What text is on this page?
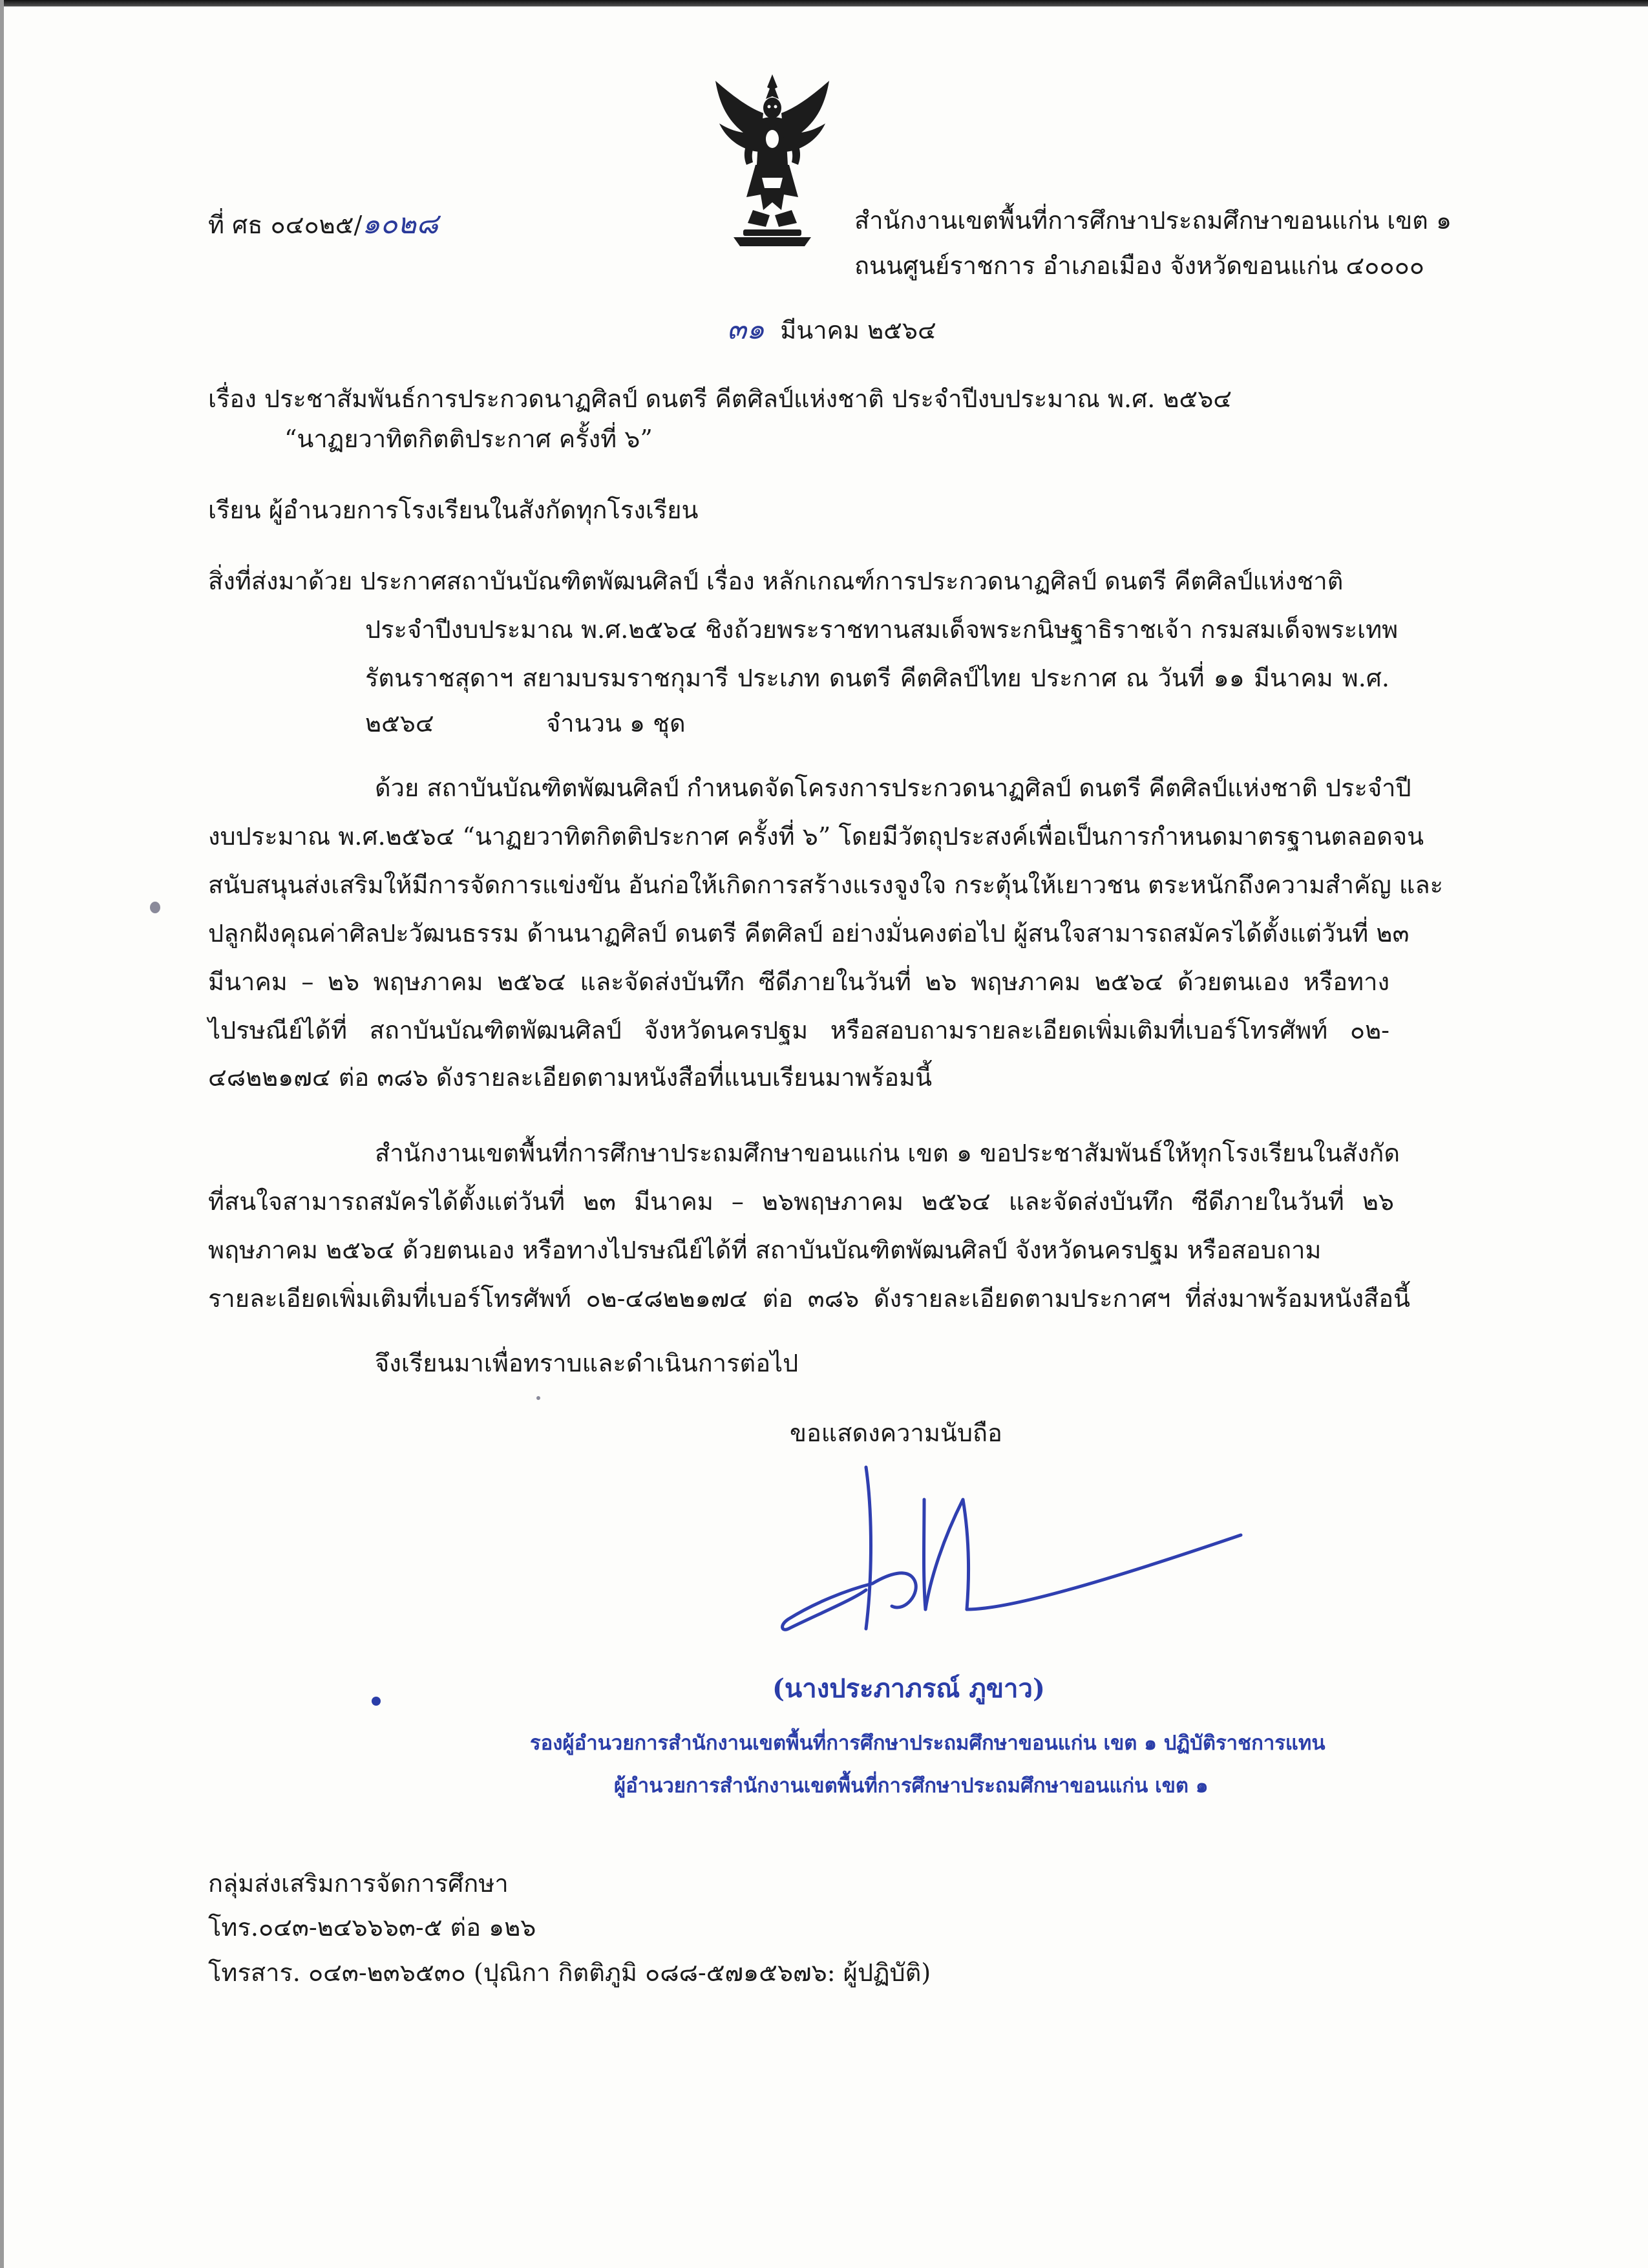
ที่ ศธ ๐๔๐๒๕/๑๐๒๘	สำนักงานเขตพื้นที่การศึกษาประถมศึกษาขอนแก่น เขต ๑
ถนนศูนย์ราชการ อำเภอเมือง จังหวัดขอนแก่น ๔๐๐๐๐
๓๑ มีนาคม ๒๕๖๔
เรื่อง ประชาสัมพันธ์การประกวดนาฏศิลป์ ดนตรี คีตศิลป์แห่งชาติ ประจำปีงบประมาณ พ.ศ. ๒๕๖๔
“นาฏยวาทิตกิตติประกาศ ครั้งที่ ๖”
เรียน ผู้อำนวยการโรงเรียนในสังกัดทุกโรงเรียน
สิ่งที่ส่งมาด้วย ประกาศสถาบันบัณฑิตพัฒนศิลป์ เรื่อง หลักเกณฑ์การประกวดนาฏศิลป์ ดนตรี คีตศิลป์แห่งชาติ
ประจำปีงบประมาณ พ.ศ.๒๕๖๔ ชิงถ้วยพระราชทานสมเด็จพระกนิษฐาธิราชเจ้า กรมสมเด็จพระเทพ
รัตนราชสุดาฯ สยามบรมราชกุมารี ประเภท ดนตรี คีตศิลป์ไทย ประกาศ ณ วันที่ ๑๑ มีนาคม พ.ศ.
๒๕๖๔	จำนวน ๑ ชุด
ด้วย สถาบันบัณฑิตพัฒนศิลป์ กำหนดจัดโครงการประกวดนาฏศิลป์ ดนตรี คีตศิลป์แห่งชาติ ประจำปี
งบประมาณ พ.ศ.๒๕๖๔ “นาฏยวาทิตกิตติประกาศ ครั้งที่ ๖” โดยมีวัตถุประสงค์เพื่อเป็นการกำหนดมาตรฐานตลอดจน
สนับสนุนส่งเสริมให้มีการจัดการแข่งขัน อันก่อให้เกิดการสร้างแรงจูงใจ กระตุ้นให้เยาวชน ตระหนักถึงความสำคัญ และ
ปลูกฝังคุณค่าศิลปะวัฒนธรรม ด้านนาฏศิลป์ ดนตรี คีตศิลป์ อย่างมั่นคงต่อไป ผู้สนใจสามารถสมัครได้ตั้งแต่วันที่ ๒๓
มีนาคม – ๒๖ พฤษภาคม ๒๕๖๔ และจัดส่งบันทึก ซีดีภายในวันที่ ๒๖ พฤษภาคม ๒๕๖๔ ด้วยตนเอง หรือทาง
ไปรษณีย์ได้ที่ สถาบันบัณฑิตพัฒนศิลป์ จังหวัดนครปฐม หรือสอบถามรายละเอียดเพิ่มเติมที่เบอร์โทรศัพท์ ๐๒-
๔๘๒๒๑๗๔ ต่อ ๓๘๖ ดังรายละเอียดตามหนังสือที่แนบเรียนมาพร้อมนี้
สำนักงานเขตพื้นที่การศึกษาประถมศึกษาขอนแก่น เขต ๑ ขอประชาสัมพันธ์ให้ทุกโรงเรียนในสังกัด
ที่สนใจสามารถสมัครได้ตั้งแต่วันที่ ๒๓ มีนาคม – ๒๖พฤษภาคม ๒๕๖๔ และจัดส่งบันทึก ซีดีภายในวันที่ ๒๖
พฤษภาคม ๒๕๖๔ ด้วยตนเอง หรือทางไปรษณีย์ได้ที่ สถาบันบัณฑิตพัฒนศิลป์ จังหวัดนครปฐม หรือสอบถาม
รายละเอียดเพิ่มเติมที่เบอร์โทรศัพท์ ๐๒-๔๘๒๒๑๗๔ ต่อ ๓๘๖ ดังรายละเอียดตามประกาศฯ ที่ส่งมาพร้อมหนังสือนี้
จึงเรียนมาเพื่อทราบและดำเนินการต่อไป
ขอแสดงความนับถือ
(นางประภาภรณ์ ภูขาว)
รองผู้อำนวยการสำนักงานเขตพื้นที่การศึกษาประถมศึกษาขอนแก่น เขต ๑ ปฏิบัติราชการแทน
ผู้อำนวยการสำนักงานเขตพื้นที่การศึกษาประถมศึกษาขอนแก่น เขต ๑
กลุ่มส่งเสริมการจัดการศึกษา
โทร.๐๔๓-๒๔๖๖๖๓-๕ ต่อ ๑๒๖
โทรสาร. ๐๔๓-๒๓๖๕๓๐ (ปุณิกา กิตติภูมิ ๐๘๘-๕๗๑๕๖๗๖: ผู้ปฏิบัติ)
